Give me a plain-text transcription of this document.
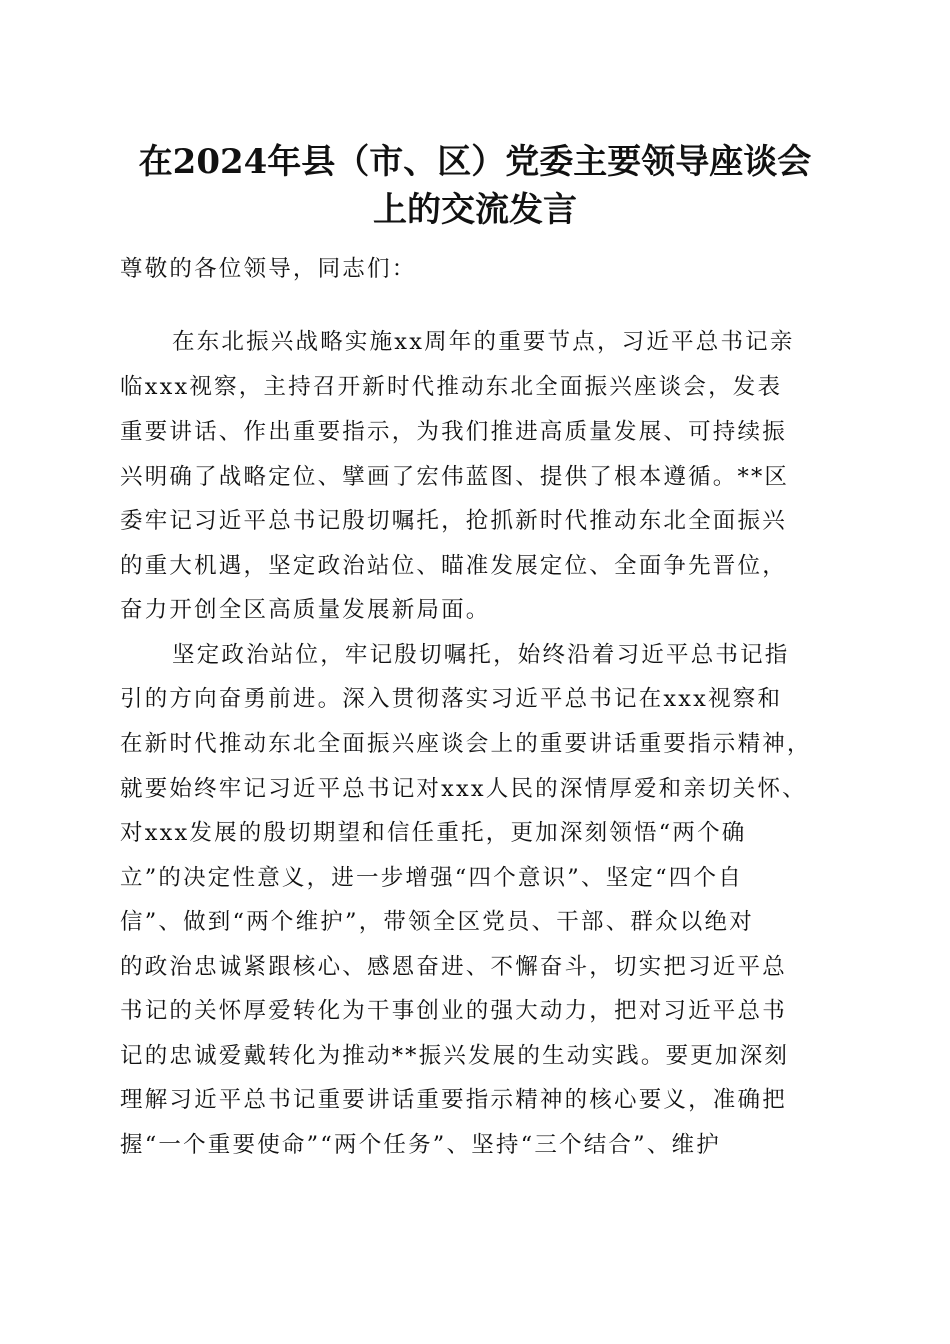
在2024年县（市、区）党委主要领导座谈会
上的交流发言
尊敬的各位领导，同志们：
在东北振兴战略实施xx周年的重要节点，习近平总书记亲
临xxx视察，主持召开新时代推动东北全面振兴座谈会，发表
重要讲话、作出重要指示，为我们推进高质量发展、可持续振
兴明确了战略定位、擘画了宏伟蓝图、提供了根本遵循。**区
委牢记习近平总书记殷切嘱托，抢抓新时代推动东北全面振兴
的重大机遇，坚定政治站位、瞄准发展定位、全面争先晋位，
奋力开创全区高质量发展新局面。
坚定政治站位，牢记殷切嘱托，始终沿着习近平总书记指
引的方向奋勇前进。深入贯彻落实习近平总书记在xxx视察和
在新时代推动东北全面振兴座谈会上的重要讲话重要指示精神，
就要始终牢记习近平总书记对xxx人民的深情厚爱和亲切关怀、
对xxx发展的殷切期望和信任重托，更加深刻领悟“两个确
立”的决定性意义，进一步增强“四个意识”、坚定“四个自
信”、做到“两个维护”，带领全区党员、干部、群众以绝对
的政治忠诚紧跟核心、感恩奋进、不懈奋斗，切实把习近平总
书记的关怀厚爱转化为干事创业的强大动力，把对习近平总书
记的忠诚爱戴转化为推动**振兴发展的生动实践。要更加深刻
理解习近平总书记重要讲话重要指示精神的核心要义，准确把
握“一个重要使命”“两个任务”、坚持“三个结合”、维护
